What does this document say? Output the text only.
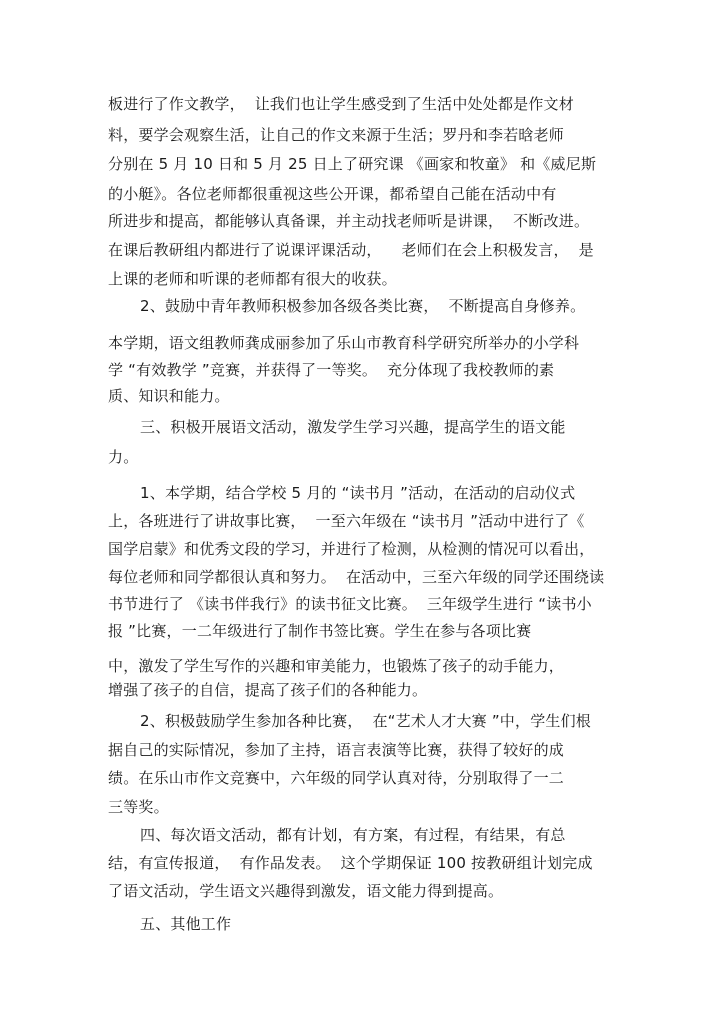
板进行了作文教学，  让我们也让学生感受到了生活中处处都是作文材
料，要学会观察生活，让自己的作文来源于生活；罗丹和李若晗老师
分别在 5 月 10 日和 5 月 25 日上了研究课 《画家和牧童》 和《威尼斯
的小艇》。各位老师都很重视这些公开课，都希望自己能在活动中有
所进步和提高，都能够认真备课，并主动找老师听是讲课，  不断改进。
在课后教研组内都进行了说课评课活动，    老师们在会上积极发言，  是
上课的老师和听课的老师都有很大的收获。
2、鼓励中青年教师积极参加各级各类比赛，  不断提高自身修养。
本学期，语文组教师龚成丽参加了乐山市教育科学研究所举办的小学科
学 “有效教学 ”竞赛，并获得了一等奖。  充分体现了我校教师的素
质、知识和能力。
三、积极开展语文活动，激发学生学习兴趣，提高学生的语文能
力。
1、本学期，结合学校 5 月的 “读书月 ”活动，在活动的启动仪式
上，各班进行了讲故事比赛，  一至六年级在 “读书月 ”活动中进行了《
国学启蒙》和优秀文段的学习，并进行了检测，从检测的情况可以看出，
每位老师和同学都很认真和努力。  在活动中，三至六年级的同学还围绕读
书节进行了 《读书伴我行》的读书征文比赛。  三年级学生进行 “读书小
报 ”比赛，一二年级进行了制作书签比赛。学生在参与各项比赛
中，激发了学生写作的兴趣和审美能力，也锻炼了孩子的动手能力，
增强了孩子的自信，提高了孩子们的各种能力。
2、积极鼓励学生参加各种比赛，  在“艺术人才大赛 ”中，学生们根
据自己的实际情况，参加了主持，语言表演等比赛，获得了较好的成
绩。在乐山市作文竞赛中，六年级的同学认真对待，分别取得了一二
三等奖。
四、每次语文活动，都有计划，有方案，有过程，有结果，有总
结，有宣传报道，  有作品发表。  这个学期保证 100 按教研组计划完成
了语文活动，学生语文兴趣得到激发，语文能力得到提高。
五、其他工作
